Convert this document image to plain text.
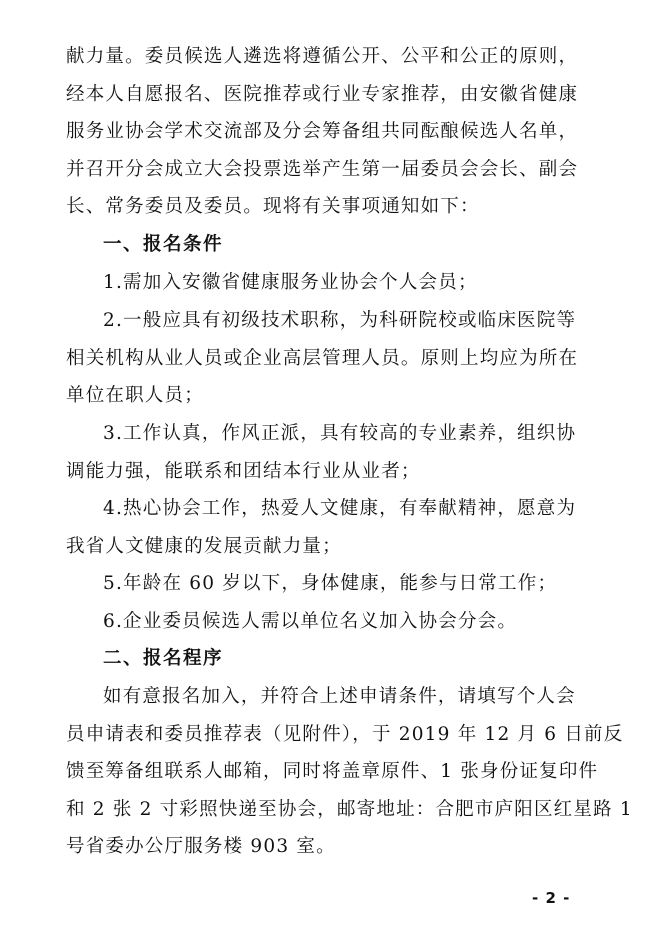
献力量。委员候选人遴选将遵循公开、公平和公正的原则，
经本人自愿报名、医院推荐或行业专家推荐，由安徽省健康
服务业协会学术交流部及分会筹备组共同酝酿候选人名单，
并召开分会成立大会投票选举产生第一届委员会会长、副会
长、常务委员及委员。现将有关事项通知如下：
一、报名条件
1.需加入安徽省健康服务业协会个人会员；
2.一般应具有初级技术职称，为科研院校或临床医院等
相关机构从业人员或企业高层管理人员。原则上均应为所在
单位在职人员；
3.工作认真，作风正派，具有较高的专业素养，组织协
调能力强，能联系和团结本行业从业者；
4.热心协会工作，热爱人文健康，有奉献精神，愿意为
我省人文健康的发展贡献力量；
5.年龄在 60 岁以下，身体健康，能参与日常工作；
6.企业委员候选人需以单位名义加入协会分会。
二、报名程序
如有意报名加入，并符合上述申请条件，请填写个人会
员申请表和委员推荐表（见附件），于 2019 年 12 月 6 日前反
馈至筹备组联系人邮箱，同时将盖章原件、1 张身份证复印件
和 2 张 2 寸彩照快递至协会，邮寄地址：合肥市庐阳区红星路 1
号省委办公厅服务楼 903 室。
- 2 -
